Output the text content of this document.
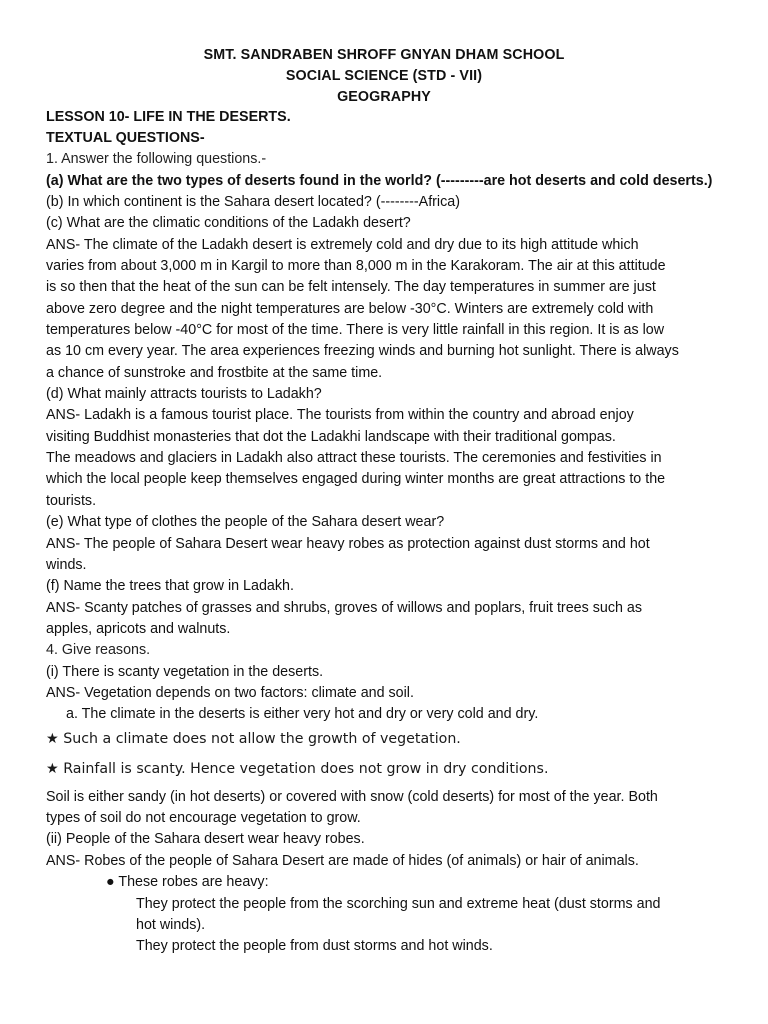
SMT. SANDRABEN SHROFF GNYAN DHAM SCHOOL
SOCIAL SCIENCE (STD - VII)
GEOGRAPHY
LESSON 10- LIFE IN THE DESERTS.
TEXTUAL QUESTIONS-
1. Answer the following questions.-
(a) What are the two types of deserts found in the world? (---------are hot deserts and cold deserts.)
(b) In which continent is the Sahara desert located? (--------Africa)
(c) What are the climatic conditions of the Ladakh desert?
ANS- The climate of the Ladakh desert is extremely cold and dry due to its high attitude which
varies from about 3,000 m in Kargil to more than 8,000 m in the Karakoram. The air at this attitude
is so then that the heat of the sun can be felt intensely. The day temperatures in summer are just
above zero degree and the night temperatures are below -30°C. Winters are extremely cold with
temperatures below -40°C for most of the time. There is very little rainfall in this region. It is as low
as 10 cm every year. The area experiences freezing winds and burning hot sunlight. There is always
a chance of sunstroke and frostbite at the same time.
(d) What mainly attracts tourists to Ladakh?
ANS- Ladakh is a famous tourist place. The tourists from within the country and abroad enjoy
visiting Buddhist monasteries that dot the Ladakhi landscape with their traditional gompas.
The meadows and glaciers in Ladakh also attract these tourists. The ceremonies and festivities in
which the local people keep themselves engaged during winter months are great attractions to the
tourists.
(e) What type of clothes the people of the Sahara desert wear?
ANS- The people of Sahara Desert wear heavy robes as protection against dust storms and hot
winds.
(f) Name the trees that grow in Ladakh.
ANS- Scanty patches of grasses and shrubs, groves of willows and poplars, fruit trees such as
apples, apricots and walnuts.
4. Give reasons.
(i) There is scanty vegetation in the deserts.
ANS- Vegetation depends on two factors: climate and soil.
a. The climate in the deserts is either very hot and dry or very cold and dry.
★ Such a climate does not allow the growth of vegetation.
★ Rainfall is scanty. Hence vegetation does not grow in dry conditions.
Soil is either sandy (in hot deserts) or covered with snow (cold deserts) for most of the year. Both
types of soil do not encourage vegetation to grow.
(ii) People of the Sahara desert wear heavy robes.
ANS- Robes of the people of Sahara Desert are made of hides (of animals) or hair of animals.
● These robes are heavy:
They protect the people from the scorching sun and extreme heat (dust storms and
hot winds).
They protect the people from dust storms and hot winds.
